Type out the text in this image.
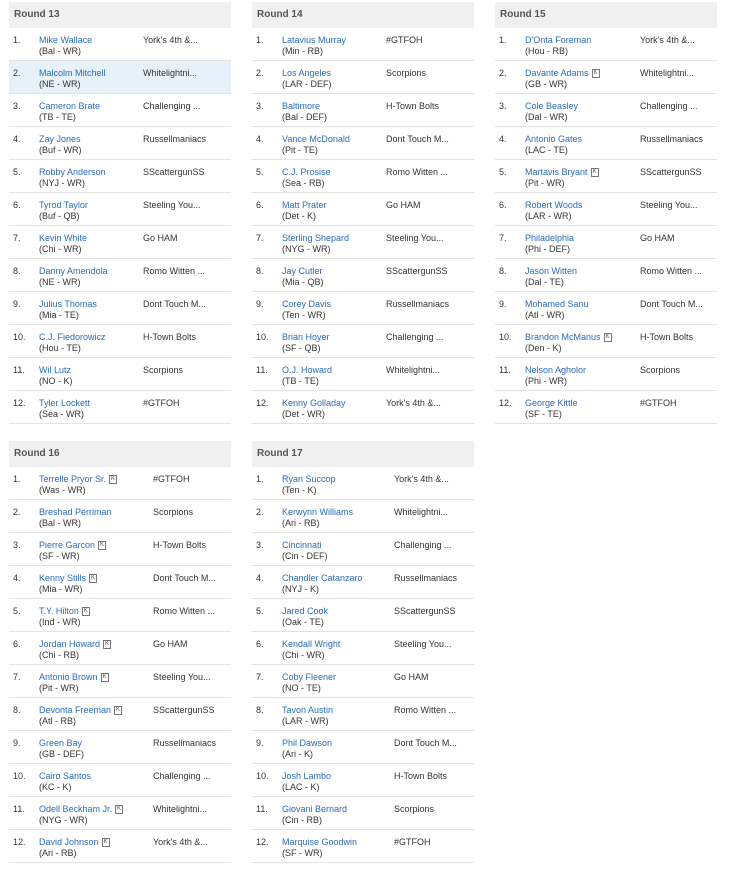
Round 13
1. Mike Wallace
(Bal - WR)
York's 4th &...
2. Malcolm Mitchell
(NE - WR)
Whitelightni...
3. Cameron Brate
(TB - TE)
Challenging ...
4. Zay Jones
(Buf - WR)
Russellmaniacs
5. Robby Anderson
(NYJ - WR)
SScattergunSS
6. Tyrod Taylor
(Buf - QB)
Steeling You...
7. Kevin White
(Chi - WR)
Go HAM
8. Danny Amendola
(NE - WR)
Romo Witten ...
9. Julius Thomas
(Mia - TE)
Dont Touch M...
10. C.J. Fiedorowicz
(Hou - TE)
H-Town Bolts
11. Wil Lutz
(NO - K)
Scorpions
12. Tyler Lockett
(Sea - WR)
#GTFOH
Round 14
1. Latavius Murray
(Min - RB)
#GTFOH
2. Los Angeles
(LAR - DEF)
Scorpions
3. Baltimore
(Bal - DEF)
H-Town Bolts
4. Vance McDonald
(Pit - TE)
Dont Touch M...
5. C.J. Prosise
(Sea - RB)
Romo Witten ...
6. Matt Prater
(Det - K)
Go HAM
7. Sterling Shepard
(NYG - WR)
Steeling You...
8. Jay Cutler
(Mia - QB)
SScattergunSS
9. Corey Davis
(Ten - WR)
Russellmaniacs
10. Brian Hoyer
(SF - QB)
Challenging ...
11. O.J. Howard
(TB - TE)
Whitelightni...
12. Kenny Golladay
(Det - WR)
York's 4th &...
Round 15
1. D'Onta Foreman
(Hou - RB)
York's 4th &...
2. Davante Adams K
(GB - WR)
Whitelightni...
3. Cole Beasley
(Dal - WR)
Challenging ...
4. Antonio Gates
(LAC - TE)
Russellmaniacs
5. Martavis Bryant K
(Pit - WR)
SScattergunSS
6. Robert Woods
(LAR - WR)
Steeling You...
7. Philadelphia
(Phi - DEF)
Go HAM
8. Jason Witten
(Dal - TE)
Romo Witten ...
9. Mohamed Sanu
(Atl - WR)
Dont Touch M...
10. Brandon McManus K
(Den - K)
H-Town Bolts
11. Nelson Agholor
(Phi - WR)
Scorpions
12. George Kittle
(SF - TE)
#GTFOH
Round 16
1. Terrelle Pryor Sr. K
(Was - WR)
#GTFOH
2. Breshad Perriman
(Bal - WR)
Scorpions
3. Pierre Garcon K
(SF - WR)
H-Town Bolts
4. Kenny Stills K
(Mia - WR)
Dont Touch M...
5. T.Y. Hilton K
(Ind - WR)
Romo Witten ...
6. Jordan Howard K
(Chi - RB)
Go HAM
7. Antonio Brown K
(Pit - WR)
Steeling You...
8. Devonta Freeman K
(Atl - RB)
SScattergunSS
9. Green Bay
(GB - DEF)
Russellmaniacs
10. Cairo Santos
(KC - K)
Challenging ...
11. Odell Beckham Jr. K
(NYG - WR)
Whitelightni...
12. David Johnson K
(Ari - RB)
York's 4th &...
Round 17
1. Ryan Succop
(Ten - K)
York's 4th &...
2. Kerwynn Williams
(Ari - RB)
Whitelightni...
3. Cincinnati
(Cin - DEF)
Challenging ...
4. Chandler Catanzaro
(NYJ - K)
Russellmaniacs
5. Jared Cook
(Oak - TE)
SScattergunSS
6. Kendall Wright
(Chi - WR)
Steeling You...
7. Coby Fleener
(NO - TE)
Go HAM
8. Tavon Austin
(LAR - WR)
Romo Witten ...
9. Phil Dawson
(Ari - K)
Dont Touch M...
10. Josh Lambo
(LAC - K)
H-Town Bolts
11. Giovani Bernard
(Cin - RB)
Scorpions
12. Marquise Goodwin
(SF - WR)
#GTFOH
